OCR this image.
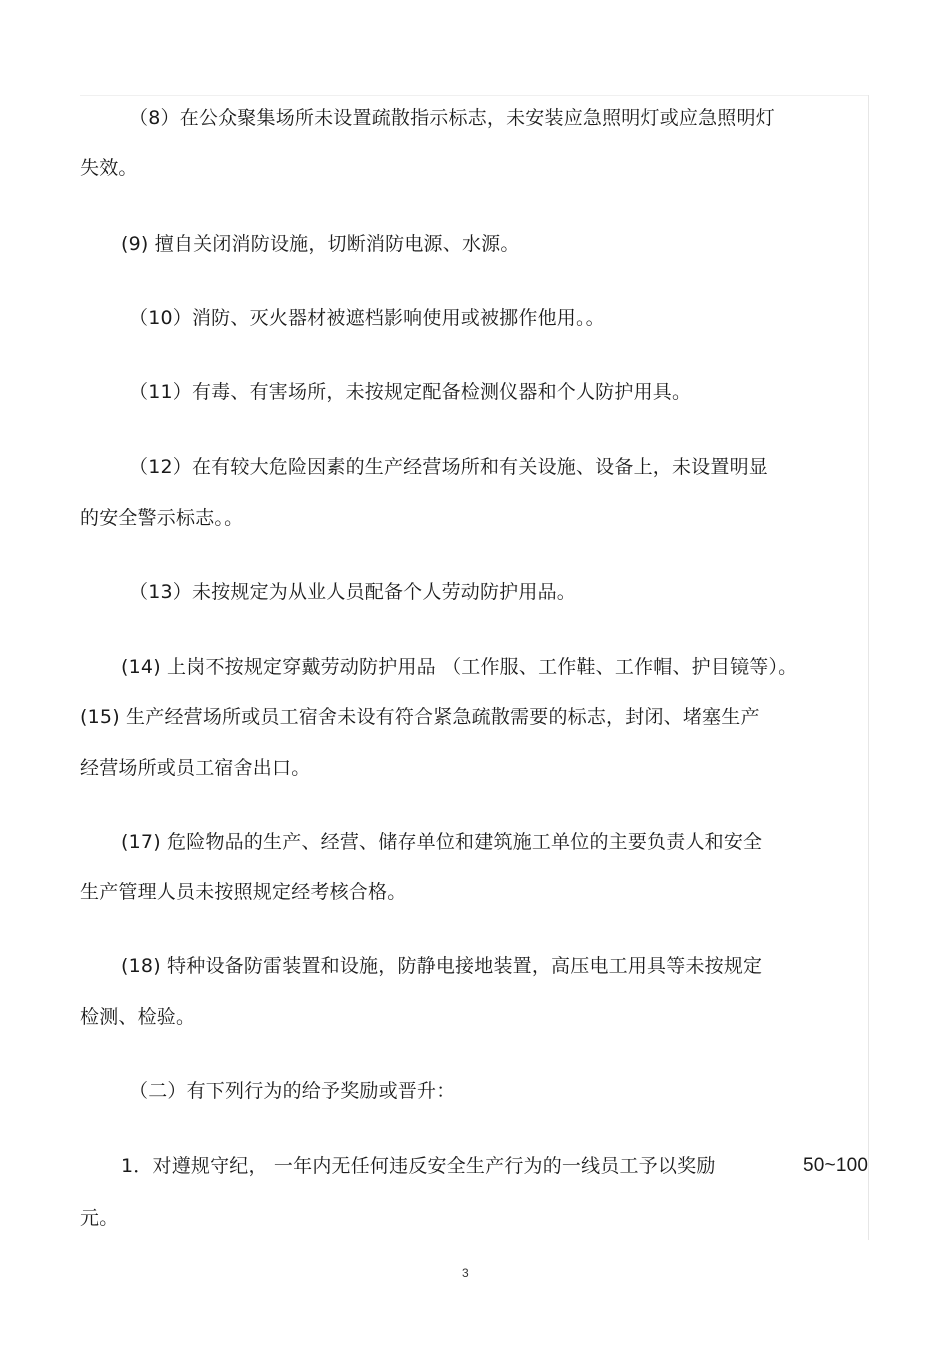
（8）在公众聚集场所未设置疏散指示标志，未安装应急照明灯或应急照明灯
失效。
(9) 擅自关闭消防设施，切断消防电源、水源。
（10）消防、灭火器材被遮档影响使用或被挪作他用。。
（11）有毒、有害场所，未按规定配备检测仪器和个人防护用具。
（12）在有较大危险因素的生产经营场所和有关设施、设备上，未设置明显
的安全警示标志。。
（13）未按规定为从业人员配备个人劳动防护用品。
(14) 上岗不按规定穿戴劳动防护用品 （工作服、工作鞋、工作帽、护目镜等）。
(15) 生产经营场所或员工宿舍未设有符合紧急疏散需要的标志，封闭、堵塞生产
经营场所或员工宿舍出口。
(17) 危险物品的生产、经营、储存单位和建筑施工单位的主要负责人和安全
生产管理人员未按照规定经考核合格。
(18) 特种设备防雷装置和设施，防静电接地装置，高压电工用具等未按规定
检测、检验。
（二）有下列行为的给予奖励或晋升：
1．对遵规守纪， 一年内无任何违反安全生产行为的一线员工予以奖励	50~100
元。
3
